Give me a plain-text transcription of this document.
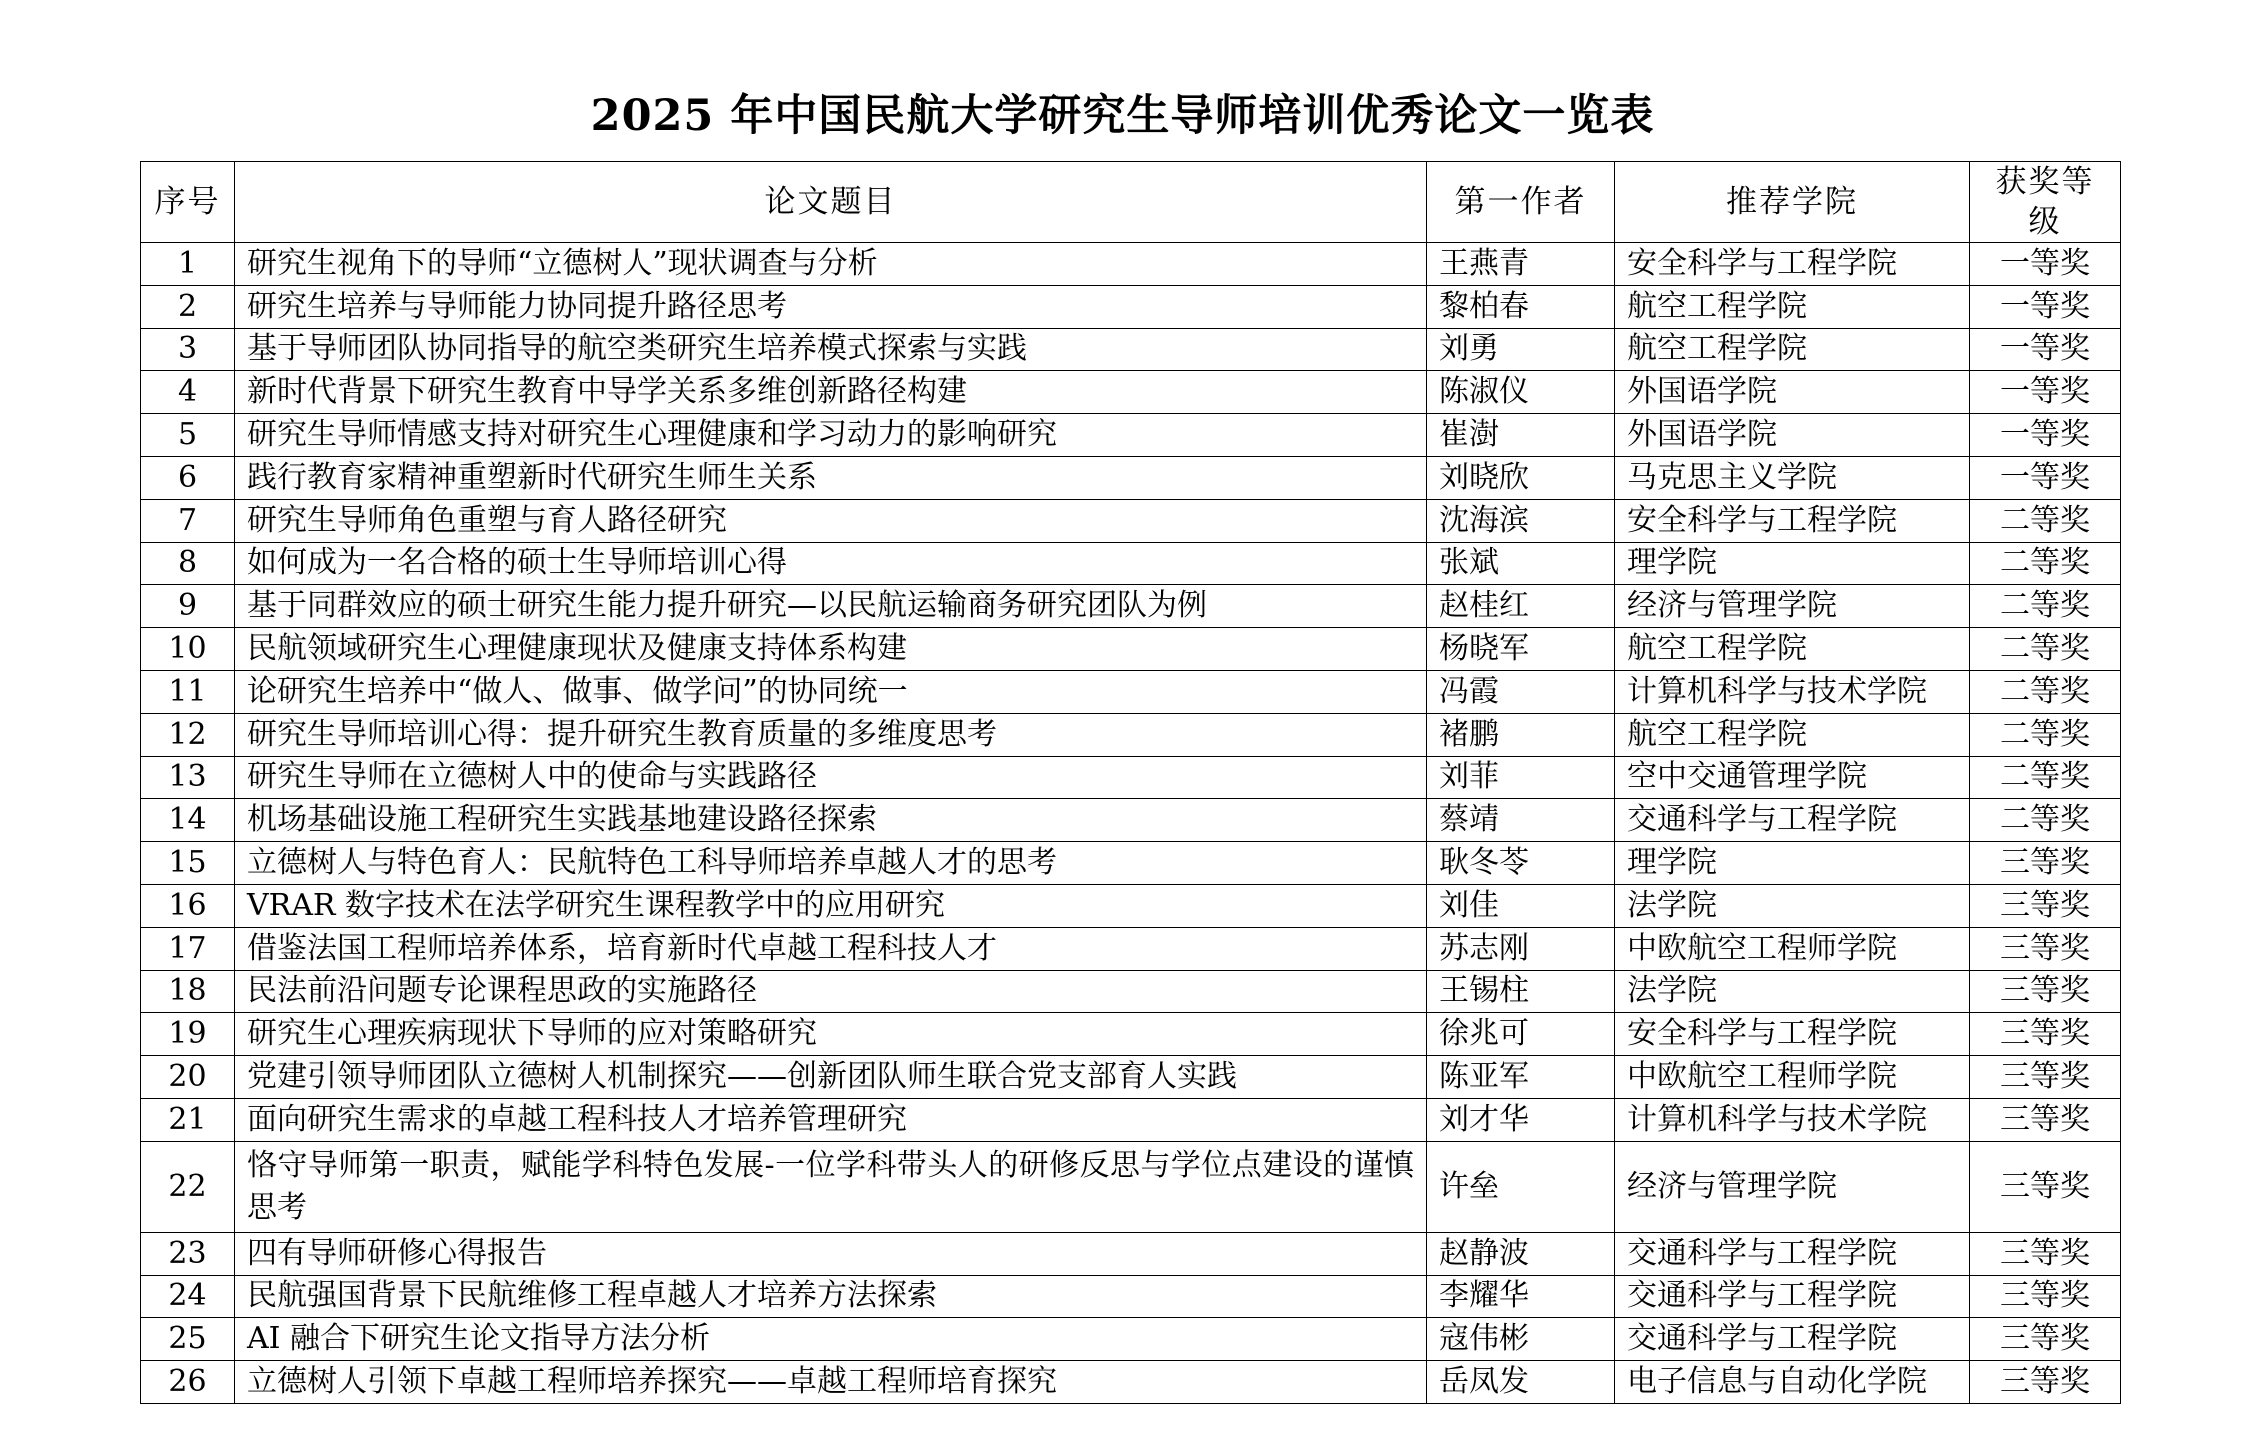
2025 年中国民航大学研究生导师培训优秀论文一览表
序号	论文题目	第一作者	推荐学院	获奖等级
1	研究生视角下的导师“立德树人”现状调查与分析	王燕青	安全科学与工程学院	一等奖
2	研究生培养与导师能力协同提升路径思考	黎柏春	航空工程学院	一等奖
3	基于导师团队协同指导的航空类研究生培养模式探索与实践	刘勇	航空工程学院	一等奖
4	新时代背景下研究生教育中导学关系多维创新路径构建	陈淑仪	外国语学院	一等奖
5	研究生导师情感支持对研究生心理健康和学习动力的影响研究	崔澍	外国语学院	一等奖
6	践行教育家精神重塑新时代研究生师生关系	刘晓欣	马克思主义学院	一等奖
7	研究生导师角色重塑与育人路径研究	沈海滨	安全科学与工程学院	二等奖
8	如何成为一名合格的硕士生导师培训心得	张斌	理学院	二等奖
9	基于同群效应的硕士研究生能力提升研究—以民航运输商务研究团队为例	赵桂红	经济与管理学院	二等奖
10	民航领域研究生心理健康现状及健康支持体系构建	杨晓军	航空工程学院	二等奖
11	论研究生培养中“做人、做事、做学问”的协同统一	冯霞	计算机科学与技术学院	二等奖
12	研究生导师培训心得：提升研究生教育质量的多维度思考	褚鹏	航空工程学院	二等奖
13	研究生导师在立德树人中的使命与实践路径	刘菲	空中交通管理学院	二等奖
14	机场基础设施工程研究生实践基地建设路径探索	蔡靖	交通科学与工程学院	二等奖
15	立德树人与特色育人：民航特色工科导师培养卓越人才的思考	耿冬苓	理学院	三等奖
16	VRAR 数字技术在法学研究生课程教学中的应用研究	刘佳	法学院	三等奖
17	借鉴法国工程师培养体系，培育新时代卓越工程科技人才	苏志刚	中欧航空工程师学院	三等奖
18	民法前沿问题专论课程思政的实施路径	王锡柱	法学院	三等奖
19	研究生心理疾病现状下导师的应对策略研究	徐兆可	安全科学与工程学院	三等奖
20	党建引领导师团队立德树人机制探究——创新团队师生联合党支部育人实践	陈亚军	中欧航空工程师学院	三等奖
21	面向研究生需求的卓越工程科技人才培养管理研究	刘才华	计算机科学与技术学院	三等奖
22	恪守导师第一职责，赋能学科特色发展-一位学科带头人的研修反思与学位点建设的谨慎思考	许垒	经济与管理学院	三等奖
23	四有导师研修心得报告	赵静波	交通科学与工程学院	三等奖
24	民航强国背景下民航维修工程卓越人才培养方法探索	李耀华	交通科学与工程学院	三等奖
25	AI 融合下研究生论文指导方法分析	寇伟彬	交通科学与工程学院	三等奖
26	立德树人引领下卓越工程师培养探究——卓越工程师培育探究	岳凤发	电子信息与自动化学院	三等奖
